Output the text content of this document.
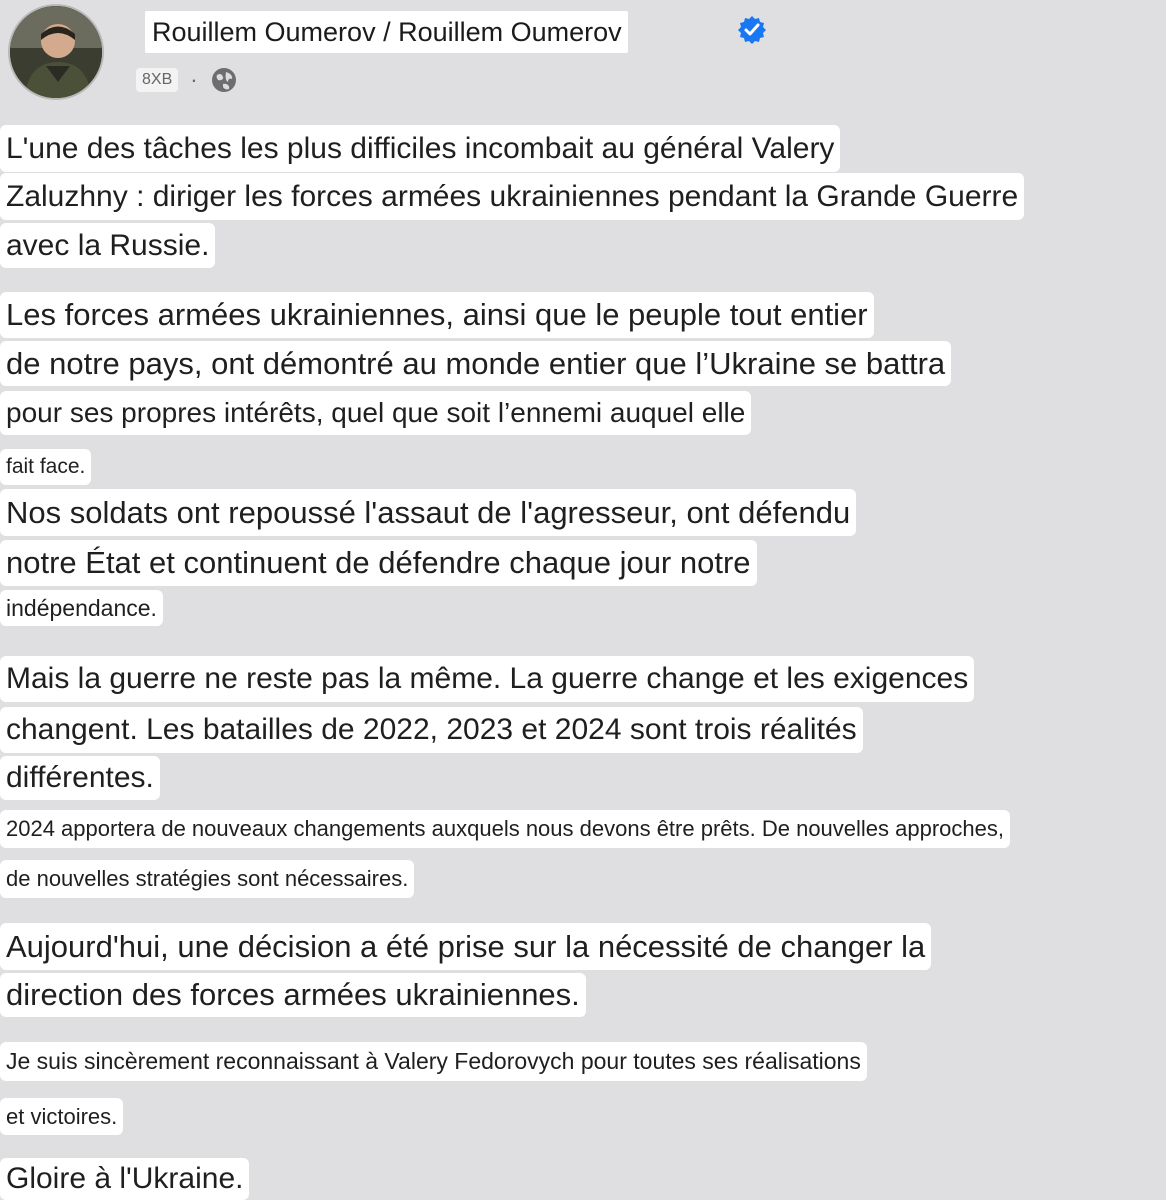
Rouillem Oumerov / Rouillem Oumerov
8XB ·
L'une des tâches les plus difficiles incombait au général Valery
Zaluzhny : diriger les forces armées ukrainiennes pendant la Grande Guerre
avec la Russie.
Les forces armées ukrainiennes, ainsi que le peuple tout entier
de notre pays, ont démontré au monde entier que l’Ukraine se battra
pour ses propres intérêts, quel que soit l’ennemi auquel elle
fait face.
Nos soldats ont repoussé l'assaut de l'agresseur, ont défendu
notre État et continuent de défendre chaque jour notre
indépendance.
Mais la guerre ne reste pas la même. La guerre change et les exigences
changent. Les batailles de 2022, 2023 et 2024 sont trois réalités
différentes.
2024 apportera de nouveaux changements auxquels nous devons être prêts. De nouvelles approches,
de nouvelles stratégies sont nécessaires.
Aujourd'hui, une décision a été prise sur la nécessité de changer la
direction des forces armées ukrainiennes.
Je suis sincèrement reconnaissant à Valery Fedorovych pour toutes ses réalisations
et victoires.
Gloire à l'Ukraine.
